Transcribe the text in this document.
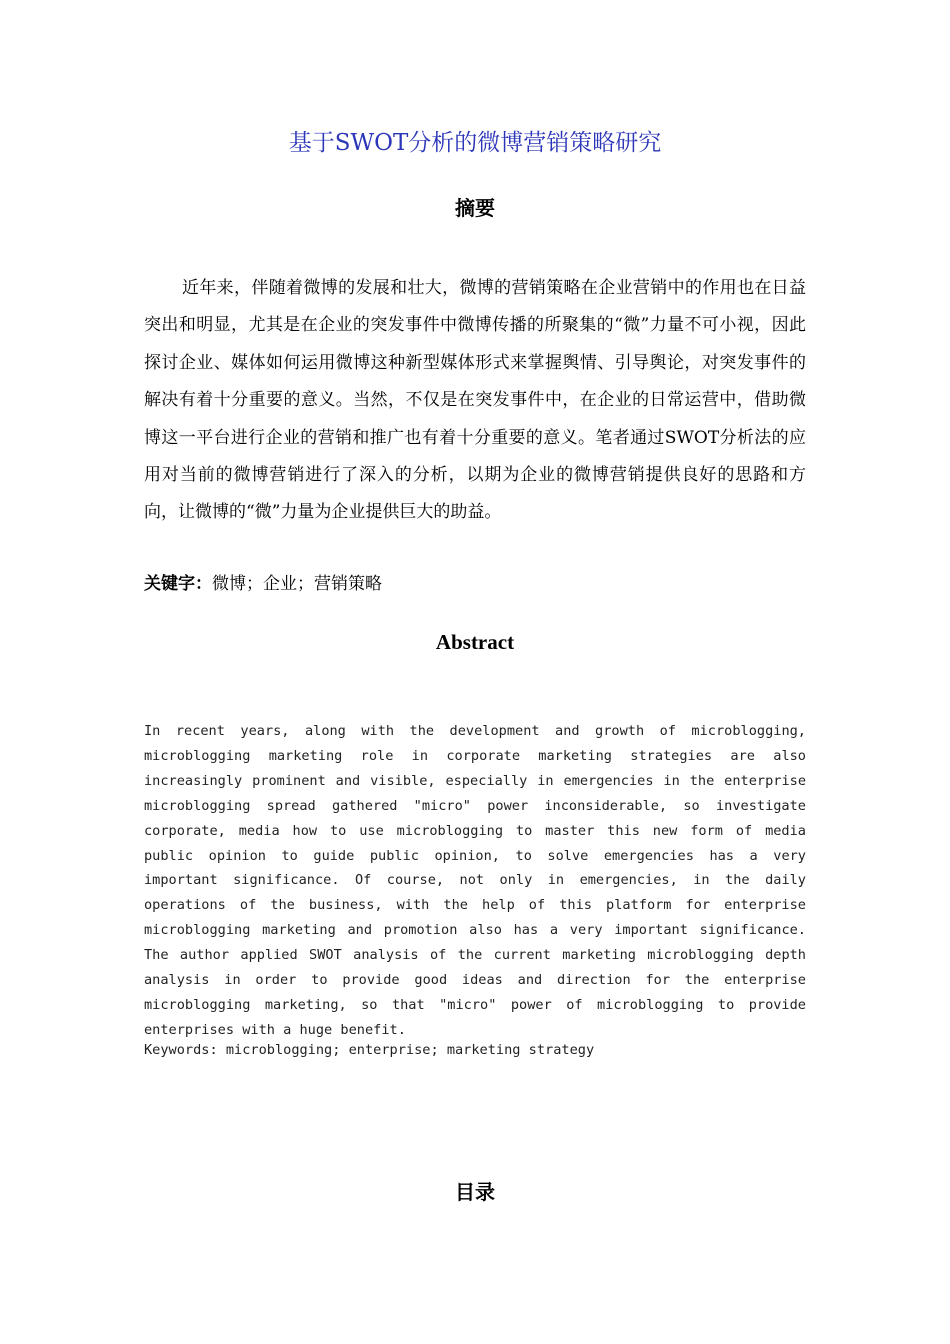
基于SWOT分析的微博营销策略研究
摘要

近年来，伴随着微博的发展和壮大，微博的营销策略在企业营销中的作用也在日益突出和明显，尤其是在企业的突发事件中微博传播的所聚集的“微”力量不可小视，因此探讨企业、媒体如何运用微博这种新型媒体形式来掌握舆情、引导舆论，对突发事件的解决有着十分重要的意义。当然，不仅是在突发事件中，在企业的日常运营中，借助微博这一平台进行企业的营销和推广也有着十分重要的意义。笔者通过SWOT分析法的应用对当前的微博营销进行了深入的分析，以期为企业的微博营销提供良好的思路和方向，让微博的“微”力量为企业提供巨大的助益。

关键字：微博；企业；营销策略
Abstract

In recent years, along with the development and growth of microblogging, microblogging marketing role in corporate marketing strategies are also increasingly prominent and visible, especially in emergencies in the enterprise microblogging spread gathered "micro" power inconsiderable, so investigate corporate, media how to use microblogging to master this new form of media public opinion to guide public opinion, to solve emergencies has a very important significance. Of course, not only in emergencies, in the daily operations of the business, with the help of this platform for enterprise microblogging marketing and promotion also has a very important significance. The author applied SWOT analysis of the current marketing microblogging depth analysis in order to provide good ideas and direction for the enterprise microblogging marketing, so that "micro" power of microblogging to provide enterprises with a huge benefit.

Keywords: microblogging; enterprise; marketing strategy
目录
